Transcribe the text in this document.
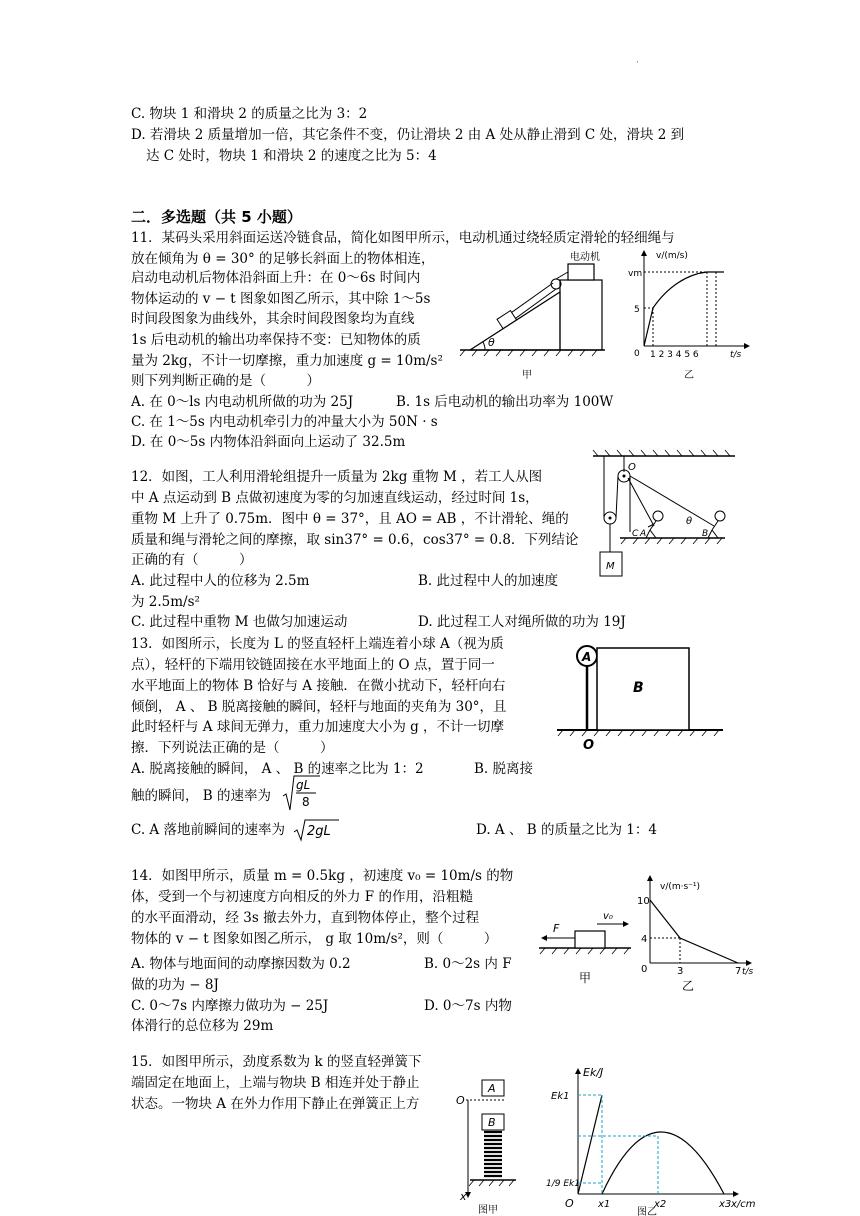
·
C. 物块 1 和滑块 2 的质量之比为 3：2
D. 若滑块 2 质量增加一倍，其它条件不变，仍让滑块 2 由 A 处从静止滑到 C 处，滑块 2 到
达 C 处时，物块 1 和滑块 2 的速度之比为 5：4
二．多选题（共 5 小题）
11．某码头采用斜面运送冷链食品，简化如图甲所示，电动机通过绕轻质定滑轮的轻细绳与
放在倾角为 θ = 30° 的足够长斜面上的物体相连，
启动电动机后物体沿斜面上升：在 0～6s 时间内
物体运动的 v − t 图象如图乙所示，其中除 1～5s
时间段图象为曲线外，其余时间段图象均为直线
1s 后电动机的输出功率保持不变：已知物体的质
量为 2kg，不计一切摩擦，重力加速度 g = 10m/s²
则下列判断正确的是（　　　）
A. 在 0～ls 内电动机所做的功为 25J	B. 1s 后电动机的输出功率为 100W
C. 在 1～5s 内电动机牵引力的冲量大小为 50N · s
D. 在 0～5s 内物体沿斜面向上运动了 32.5m
θ
电动机
甲
v/(m/s)
vm
5
0 1 2 3 4 5 6	t/s
乙
12．如图，工人利用滑轮组提升一质量为 2kg 重物 M ，若工人从图
中 A 点运动到 B 点做初速度为零的匀加速直线运动，经过时间 1s，
重物 M 上升了 0.75m．图中 θ = 37°，且 AO = AB ，不计滑轮、绳的
质量和绳与滑轮之间的摩擦，取 sin37° = 0.6，cos37° = 0.8．下列结论
正确的有（　　　）
A. 此过程中人的位移为 2.5m	B. 此过程中人的加速度
为 2.5m/s²
C. 此过程中重物 M 也做匀加速运动	D. 此过程工人对绳所做的功为 19J
O
C A	B
θ
M
13．如图所示，长度为 L 的竖直轻杆上端连着小球 A（视为质
点），轻杆的下端用铰链固接在水平地面上的 O 点，置于同一
水平地面上的物体 B 恰好与 A 接触．在微小扰动下，轻杆向右
倾倒， A 、 B 脱离接触的瞬间，轻杆与地面的夹角为 30°，且
此时轻杆与 A 球间无弹力，重力加速度大小为 g ，不计一切摩
擦．下列说法正确的是（　　　）
A. 脱离接触的瞬间， A 、 B 的速率之比为 1：2	B. 脱离接
触的瞬间， B 的速率为
gL
8
C. A 落地前瞬间的速率为 2gL	D. A 、 B 的质量之比为 1：4
A
B
O
14．如图甲所示，质量 m = 0.5kg ，初速度 v₀ = 10m/s 的物
体，受到一个与初速度方向相反的外力 F 的作用，沿粗糙
的水平面滑动，经 3s 撤去外力，直到物体停止，整个过程
物体的 v − t 图象如图乙所示， g 取 10m/s²，则（　　　）
A. 物体与地面间的动摩擦因数为 0.2	B. 0～2s 内 F
做的功为 − 8J
C. 0～7s 内摩擦力做功为 − 25J	D. 0～7s 内物
体滑行的总位移为 29m
F
v₀
甲
v/(m·s⁻¹)
10
4
0	3	7 t/s
乙
15．如图甲所示，劲度系数为 k 的竖直轻弹簧下
端固定在地面上，上端与物块 B 相连并处于静止
状态。一物块 A 在外力作用下静止在弹簧正上方
A
B
O
x
图甲
Ek/J
Ek1
1/9 Ek1
O x1	x2	x3 x/cm
图乙
